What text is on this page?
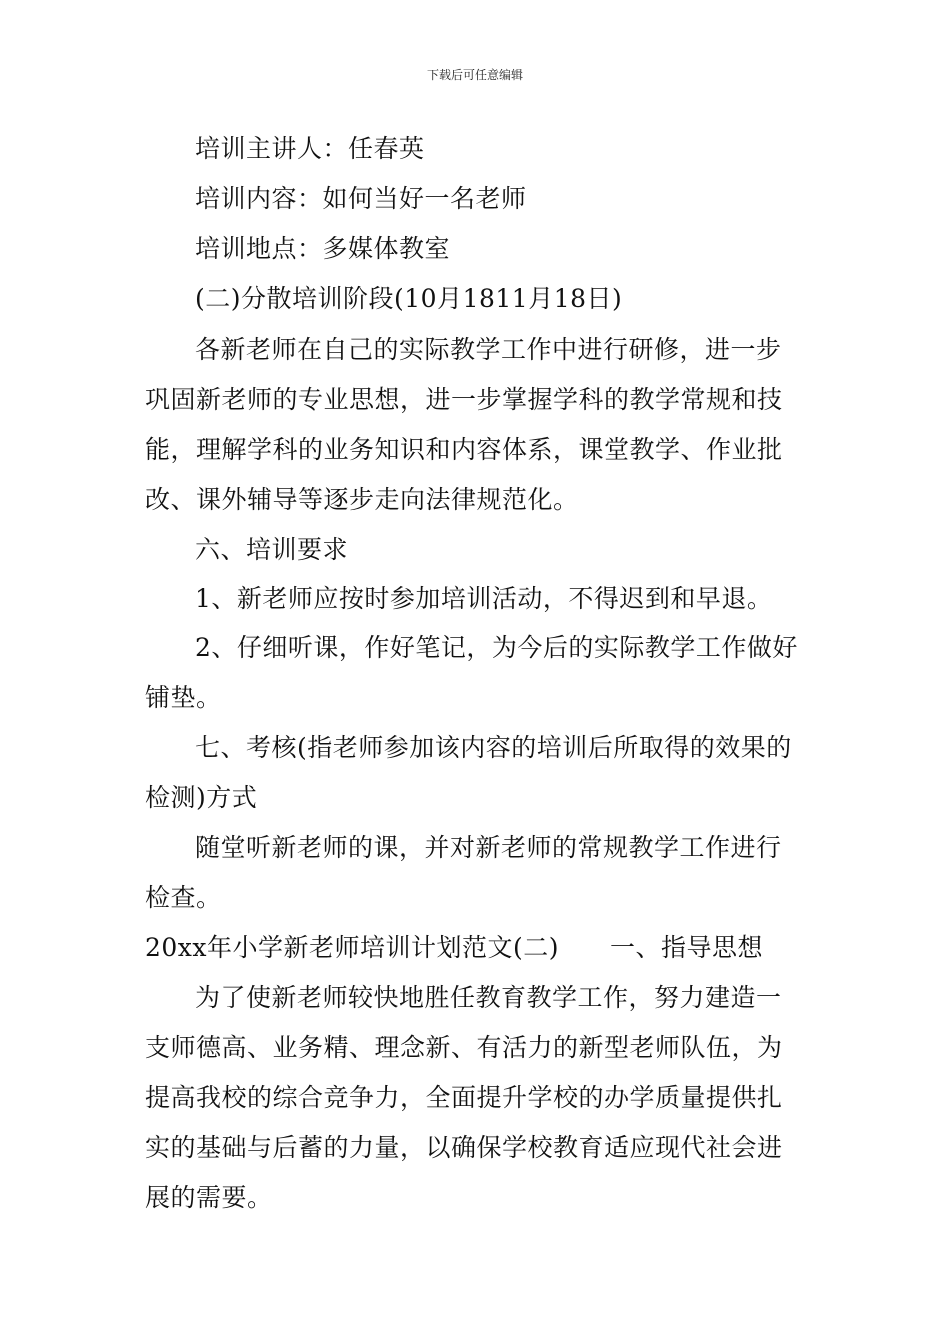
下载后可任意编辑
培训主讲人：任春英
培训内容：如何当好一名老师
培训地点：多媒体教室
(二)分散培训阶段(10月1811月18日)
各新老师在自己的实际教学工作中进行研修，进一步
巩固新老师的专业思想，进一步掌握学科的教学常规和技
能，理解学科的业务知识和内容体系，课堂教学、作业批
改、课外辅导等逐步走向法律规范化。
六、培训要求
1、新老师应按时参加培训活动，不得迟到和早退。
2、仔细听课，作好笔记，为今后的实际教学工作做好
铺垫。
七、考核(指老师参加该内容的培训后所取得的效果的
检测)方式
随堂听新老师的课，并对新老师的常规教学工作进行
检查。
20xx年小学新老师培训计划范文(二)　　一、指导思想
为了使新老师较快地胜任教育教学工作，努力建造一
支师德高、业务精、理念新、有活力的新型老师队伍，为
提高我校的综合竞争力，全面提升学校的办学质量提供扎
实的基础与后蓄的力量，以确保学校教育适应现代社会进
展的需要。
